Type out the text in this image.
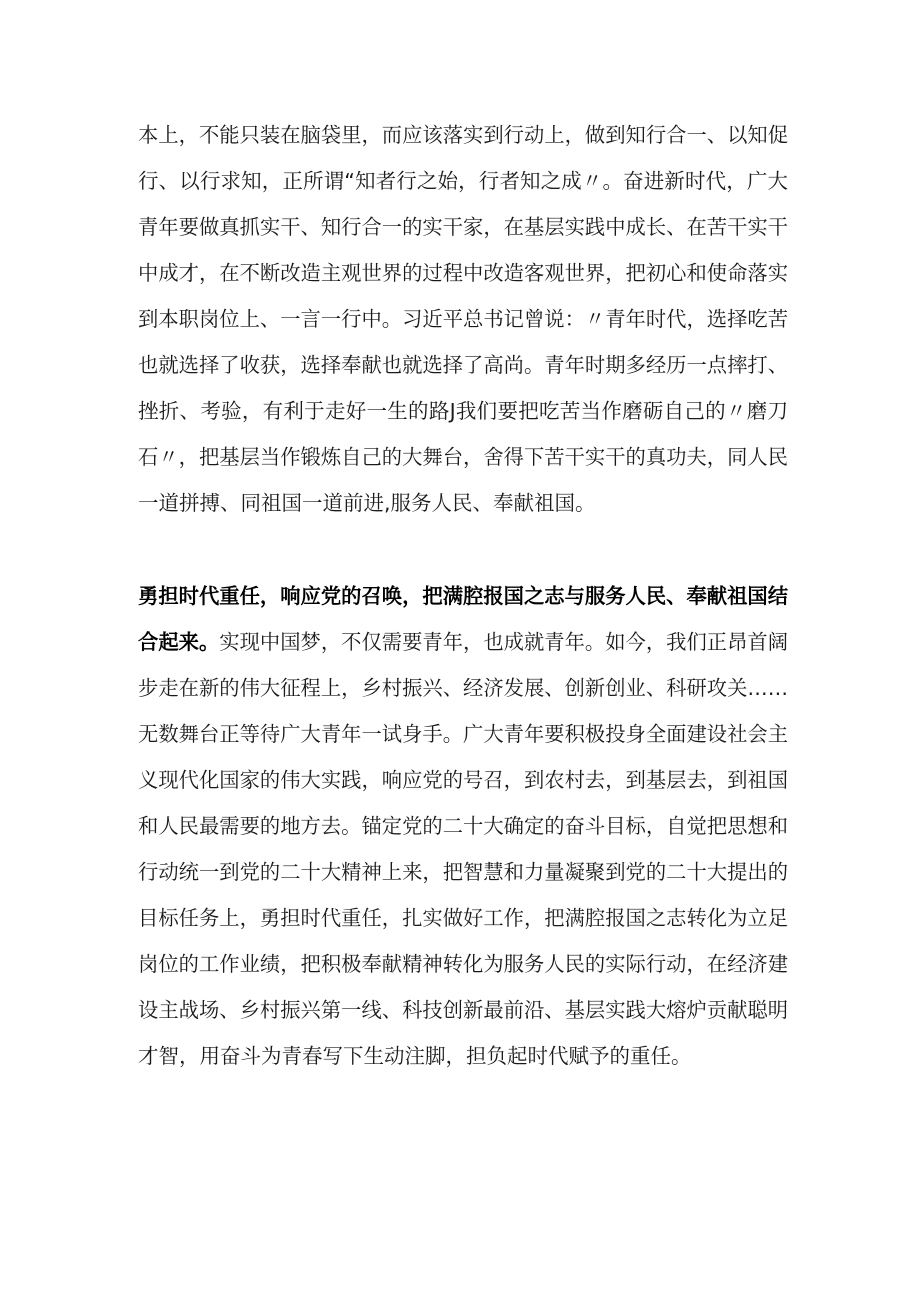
本上，不能只装在脑袋里，而应该落实到行动上，做到知行合一、以知促
行、以行求知，正所谓“知者行之始，行者知之成〃。奋进新时代，广大
青年要做真抓实干、知行合一的实干家，在基层实践中成长、在苦干实干
中成才，在不断改造主观世界的过程中改造客观世界，把初心和使命落实
到本职岗位上、一言一行中。习近平总书记曾说：〃青年时代，选择吃苦
也就选择了收获，选择奉献也就选择了高尚。青年时期多经历一点摔打、
挫折、考验，有利于走好一生的路J我们要把吃苦当作磨砺自己的〃磨刀
石〃，把基层当作锻炼自己的大舞台，舍得下苦干实干的真功夫，同人民
一道拼搏、同祖国一道前进,服务人民、奉献祖国。
勇担时代重任，响应党的召唤，把满腔报国之志与服务人民、奉献祖国结
合起来。实现中国梦，不仅需要青年，也成就青年。如今，我们正昂首阔
步走在新的伟大征程上，乡村振兴、经济发展、创新创业、科研攻关……
无数舞台正等待广大青年一试身手。广大青年要积极投身全面建设社会主
义现代化国家的伟大实践，响应党的号召，到农村去，到基层去，到祖国
和人民最需要的地方去。锚定党的二十大确定的奋斗目标，自觉把思想和
行动统一到党的二十大精神上来，把智慧和力量凝聚到党的二十大提出的
目标任务上，勇担时代重任，扎实做好工作，把满腔报国之志转化为立足
岗位的工作业绩，把积极奉献精神转化为服务人民的实际行动，在经济建
设主战场、乡村振兴第一线、科技创新最前沿、基层实践大熔炉贡献聪明
才智，用奋斗为青春写下生动注脚，担负起时代赋予的重任。
